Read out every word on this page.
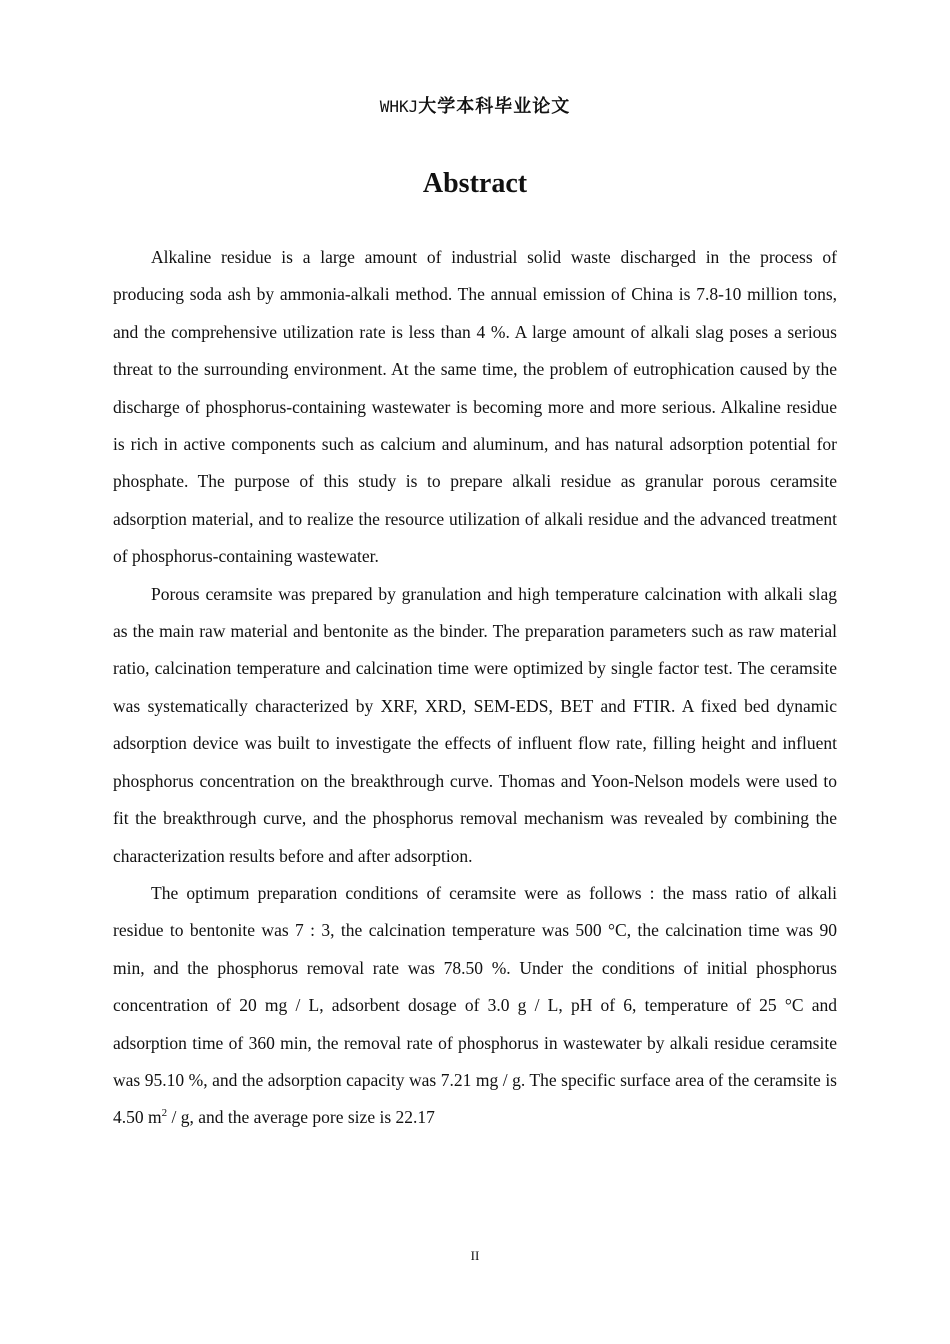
WHKJ大学本科毕业论文
Abstract

Alkaline residue is a large amount of industrial solid waste discharged in the process of producing soda ash by ammonia-alkali method. The annual emission of China is 7.8-10 million tons, and the comprehensive utilization rate is less than 4 %. A large amount of alkali slag poses a serious threat to the surrounding environment. At the same time, the problem of eutrophication caused by the discharge of phosphorus-containing wastewater is becoming more and more serious. Alkaline residue is rich in active components such as calcium and aluminum, and has natural adsorption potential for phosphate. The purpose of this study is to prepare alkali residue as granular porous ceramsite adsorption material, and to realize the resource utilization of alkali residue and the advanced treatment of phosphorus-containing wastewater.

Porous ceramsite was prepared by granulation and high temperature calcination with alkali slag as the main raw material and bentonite as the binder. The preparation parameters such as raw material ratio, calcination temperature and calcination time were optimized by single factor test. The ceramsite was systematically characterized by XRF, XRD, SEM-EDS, BET and FTIR. A fixed bed dynamic adsorption device was built to investigate the effects of influent flow rate, filling height and influent phosphorus concentration on the breakthrough curve. Thomas and Yoon-Nelson models were used to fit the breakthrough curve, and the phosphorus removal mechanism was revealed by combining the characterization results before and after adsorption.

The optimum preparation conditions of ceramsite were as follows : the mass ratio of alkali residue to bentonite was 7 : 3, the calcination temperature was 500 °C, the calcination time was 90 min, and the phosphorus removal rate was 78.50 %. Under the conditions of initial phosphorus concentration of 20 mg / L, adsorbent dosage of 3.0 g / L, pH of 6, temperature of 25 °C and adsorption time of 360 min, the removal rate of phosphorus in wastewater by alkali residue ceramsite was 95.10 %, and the adsorption capacity was 7.21 mg / g. The specific surface area of the ceramsite is 4.50 $m^2$ / g, and the average pore size is 22.17

II
